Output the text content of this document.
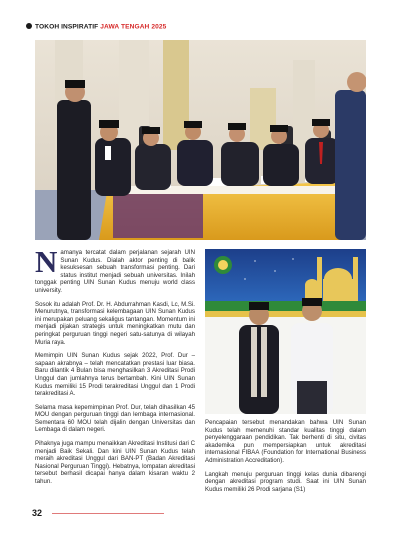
TOKOH INSPIRATIF JAWA TENGAH 2025

Namanya tercatat dalam perjalanan sejarah UIN Sunan Kudus. Dialah aktor penting di balik kesuksesan sebuah transformasi penting. Dari status institut menjadi sebuah universitas. Inilah tonggak penting UIN Sunan Kudus menuju world class university.

Sosok itu adalah Prof. Dr. H. Abdurrahman Kasdi, Lc, M.Si. Menurutnya, transformasi kelembagaan UIN Sunan Kudus ini merupakan peluang sekaligus tantangan. Momentum ini menjadi pijakan strategis untuk meningkatkan mutu dan peringkat perguruan tinggi negeri satu-satunya di wilayah Muria raya.

Memimpin UIN Sunan Kudus sejak 2022, Prof. Dur – sapaan akrabnya – telah mencatatkan prestasi luar biasa. Baru dilantik 4 Bulan bisa menghasilkan 3 Akreditasi Prodi Unggul dan jumlahnya terus bertambah. Kini UIN Sunan Kudus memiliki 15 Prodi terakreditasi Unggul dan 1 Prodi terakreditasi A.

Selama masa kepemimpinan Prof. Dur, telah dihasilkan 45 MOU dengan perguruan tinggi dan lembaga internasional. Sementara 60 MOU telah dijalin dengan Universitas dan Lembaga di dalam negeri.

Pihaknya juga mampu menaikkan Akreditasi Institusi dari C menjadi Baik Sekali. Dan kini UIN Sunan Kudus telah meraih akreditasi Unggul dari BAN-PT (Badan Akreditasi Nasional Perguruan Tinggi). Hebatnya, lompatan akreditasi tersebut berhasil dicapai hanya dalam kisaran waktu 2 tahun.

Pencapaian tersebut menandakan bahwa UIN Sunan Kudus telah memenuhi standar kualitas tinggi dalam penyelenggaraan pendidikan. Tak berhenti di situ, civitas akademika pun mempersiapkan untuk akreditasi internasional FIBAA (Foundation for International Business Administration Accreditation).

Langkah menuju perguruan tinggi kelas dunia dibarengi dengan akreditasi program studi. Saat ini UIN Sunan Kudus memiliki 26 Prodi sarjana (S1)

32
